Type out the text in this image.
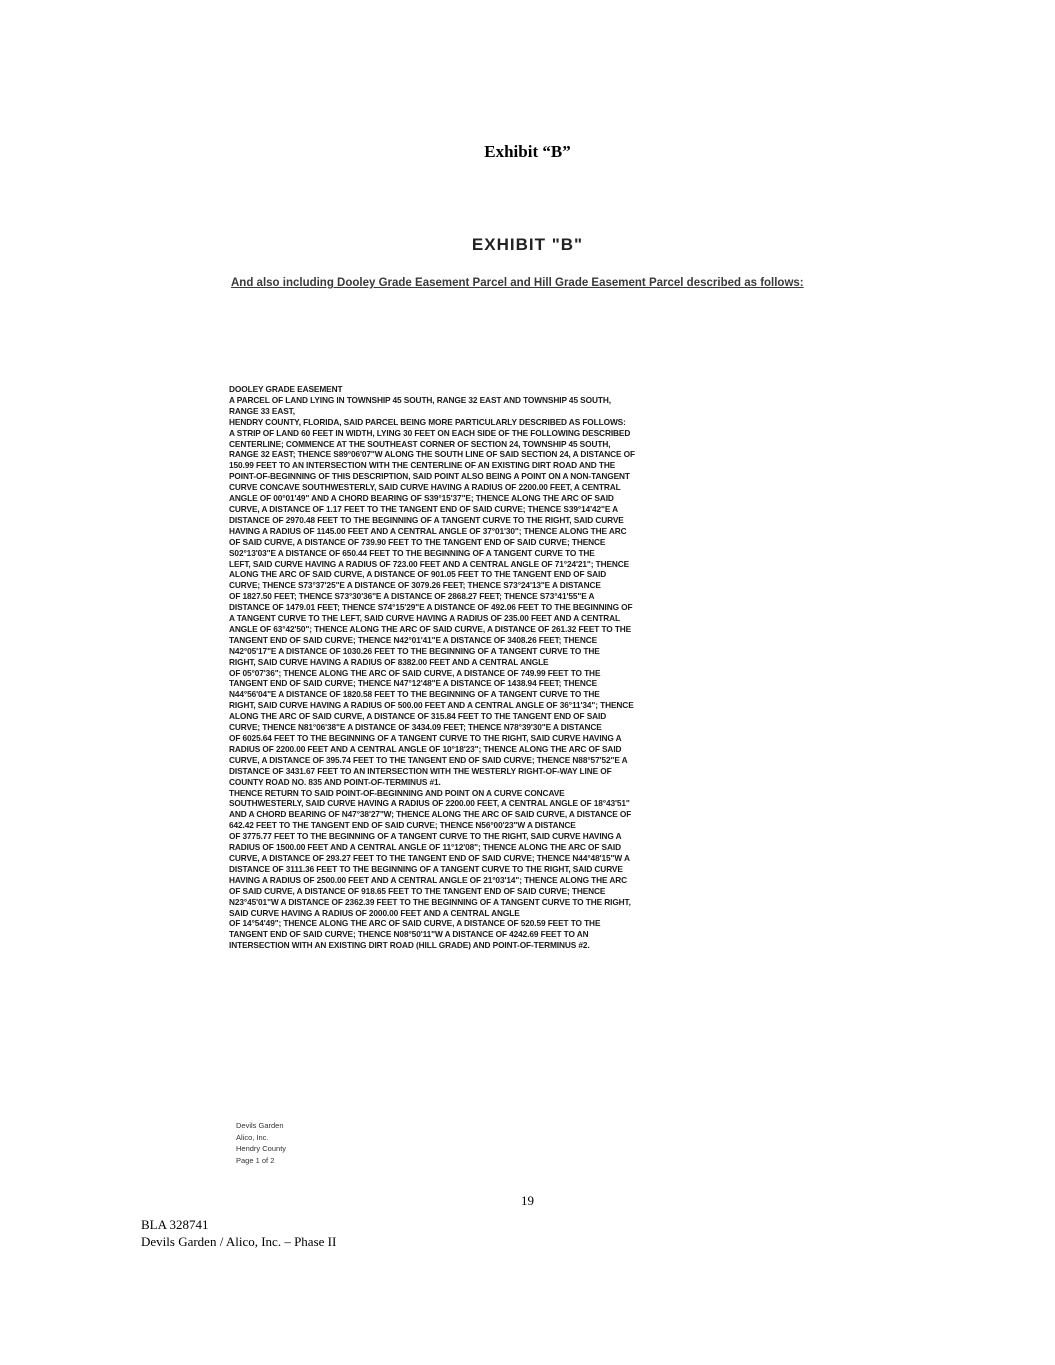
Exhibit “B”
EXHIBIT "B"
And also including Dooley Grade Easement Parcel and Hill Grade Easement Parcel described as follows:
DOOLEY GRADE EASEMENT
A PARCEL OF LAND LYING IN TOWNSHIP 45 SOUTH, RANGE 32 EAST AND TOWNSHIP 45 SOUTH,
RANGE 33 EAST,
HENDRY COUNTY, FLORIDA, SAID PARCEL BEING MORE PARTICULARLY DESCRIBED AS FOLLOWS:
A STRIP OF LAND 60 FEET IN WIDTH, LYING 30 FEET ON EACH SIDE OF THE FOLLOWING DESCRIBED
CENTERLINE; COMMENCE AT THE SOUTHEAST CORNER OF SECTION 24, TOWNSHIP 45 SOUTH,
RANGE 32 EAST; THENCE S89°06'07"W ALONG THE SOUTH LINE OF SAID SECTION 24, A DISTANCE OF
150.99 FEET TO AN INTERSECTION WITH THE CENTERLINE OF AN EXISTING DIRT ROAD AND THE
POINT-OF-BEGINNING OF THIS DESCRIPTION, SAID POINT ALSO BEING A POINT ON A NON-TANGENT
CURVE CONCAVE SOUTHWESTERLY, SAID CURVE HAVING A RADIUS OF 2200.00 FEET, A CENTRAL
ANGLE OF 00°01'49" AND A CHORD BEARING OF S39°15'37"E; THENCE ALONG THE ARC OF SAID
CURVE, A DISTANCE OF 1.17 FEET TO THE TANGENT END OF SAID CURVE; THENCE S39°14'42"E A
DISTANCE OF 2970.48 FEET TO THE BEGINNING OF A TANGENT CURVE TO THE RIGHT, SAID CURVE
HAVING A RADIUS OF 1145.00 FEET AND A CENTRAL ANGLE OF 37°01'30"; THENCE ALONG THE ARC
OF SAID CURVE, A DISTANCE OF 739.90 FEET TO THE TANGENT END OF SAID CURVE; THENCE
S02°13'03"E A DISTANCE OF 650.44 FEET TO THE BEGINNING OF A TANGENT CURVE TO THE
LEFT, SAID CURVE HAVING A RADIUS OF 723.00 FEET AND A CENTRAL ANGLE OF 71°24'21"; THENCE
ALONG THE ARC OF SAID CURVE, A DISTANCE OF 901.05 FEET TO THE TANGENT END OF SAID
CURVE; THENCE S73°37'25"E A DISTANCE OF 3079.26 FEET; THENCE S73°24'13"E A DISTANCE
OF 1827.50 FEET; THENCE S73°30'36"E A DISTANCE OF 2868.27 FEET; THENCE S73°41'55"E A
DISTANCE OF 1479.01 FEET; THENCE S74°15'29"E A DISTANCE OF 492.06 FEET TO THE BEGINNING OF
A TANGENT CURVE TO THE LEFT, SAID CURVE HAVING A RADIUS OF 235.00 FEET AND A CENTRAL
ANGLE OF 63°42'50"; THENCE ALONG THE ARC OF SAID CURVE, A DISTANCE OF 261.32 FEET TO THE
TANGENT END OF SAID CURVE; THENCE N42°01'41"E A DISTANCE OF 3408.26 FEET; THENCE
N42°05'17"E A DISTANCE OF 1030.26 FEET TO THE BEGINNING OF A TANGENT CURVE TO THE
RIGHT, SAID CURVE HAVING A RADIUS OF 8382.00 FEET AND A CENTRAL ANGLE
OF 05°07'36"; THENCE ALONG THE ARC OF SAID CURVE, A DISTANCE OF 749.99 FEET TO THE
TANGENT END OF SAID CURVE; THENCE N47°12'48"E A DISTANCE OF 1438.94 FEET; THENCE
N44°56'04"E A DISTANCE OF 1820.58 FEET TO THE BEGINNING OF A TANGENT CURVE TO THE
RIGHT, SAID CURVE HAVING A RADIUS OF 500.00 FEET AND A CENTRAL ANGLE OF 36°11'34"; THENCE
ALONG THE ARC OF SAID CURVE, A DISTANCE OF 315.84 FEET TO THE TANGENT END OF SAID
CURVE; THENCE N81°06'38"E A DISTANCE OF 3434.09 FEET; THENCE N78°39'30"E A DISTANCE
OF 6025.64 FEET TO THE BEGINNING OF A TANGENT CURVE TO THE RIGHT, SAID CURVE HAVING A
RADIUS OF 2200.00 FEET AND A CENTRAL ANGLE OF 10°18'23"; THENCE ALONG THE ARC OF SAID
CURVE, A DISTANCE OF 395.74 FEET TO THE TANGENT END OF SAID CURVE; THENCE N88°57'52"E A
DISTANCE OF 3431.67 FEET TO AN INTERSECTION WITH THE WESTERLY RIGHT-OF-WAY LINE OF
COUNTY ROAD NO. 835 AND POINT-OF-TERMINUS #1.
THENCE RETURN TO SAID POINT-OF-BEGINNING AND POINT ON A CURVE CONCAVE
SOUTHWESTERLY, SAID CURVE HAVING A RADIUS OF 2200.00 FEET, A CENTRAL ANGLE OF 18°43'51"
AND A CHORD BEARING OF N47°38'27"W; THENCE ALONG THE ARC OF SAID CURVE, A DISTANCE OF
642.42 FEET TO THE TANGENT END OF SAID CURVE; THENCE N56°00'23"W A DISTANCE
OF 3775.77 FEET TO THE BEGINNING OF A TANGENT CURVE TO THE RIGHT, SAID CURVE HAVING A
RADIUS OF 1500.00 FEET AND A CENTRAL ANGLE OF 11°12'08"; THENCE ALONG THE ARC OF SAID
CURVE, A DISTANCE OF 293.27 FEET TO THE TANGENT END OF SAID CURVE; THENCE N44°48'15"W A
DISTANCE OF 3111.36 FEET TO THE BEGINNING OF A TANGENT CURVE TO THE RIGHT, SAID CURVE
HAVING A RADIUS OF 2500.00 FEET AND A CENTRAL ANGLE OF 21°03'14"; THENCE ALONG THE ARC
OF SAID CURVE, A DISTANCE OF 918.65 FEET TO THE TANGENT END OF SAID CURVE; THENCE
N23°45'01"W A DISTANCE OF 2362.39 FEET TO THE BEGINNING OF A TANGENT CURVE TO THE RIGHT,
SAID CURVE HAVING A RADIUS OF 2000.00 FEET AND A CENTRAL ANGLE
OF 14°54'49"; THENCE ALONG THE ARC OF SAID CURVE, A DISTANCE OF 520.59 FEET TO THE
TANGENT END OF SAID CURVE; THENCE N08°50'11"W A DISTANCE OF 4242.69 FEET TO AN
INTERSECTION WITH AN EXISTING DIRT ROAD (HILL GRADE) AND POINT-OF-TERMINUS #2.
Devils Garden
Alico, Inc.
Hendry County
Page 1 of 2
19
BLA 328741
Devils Garden / Alico, Inc. – Phase II
